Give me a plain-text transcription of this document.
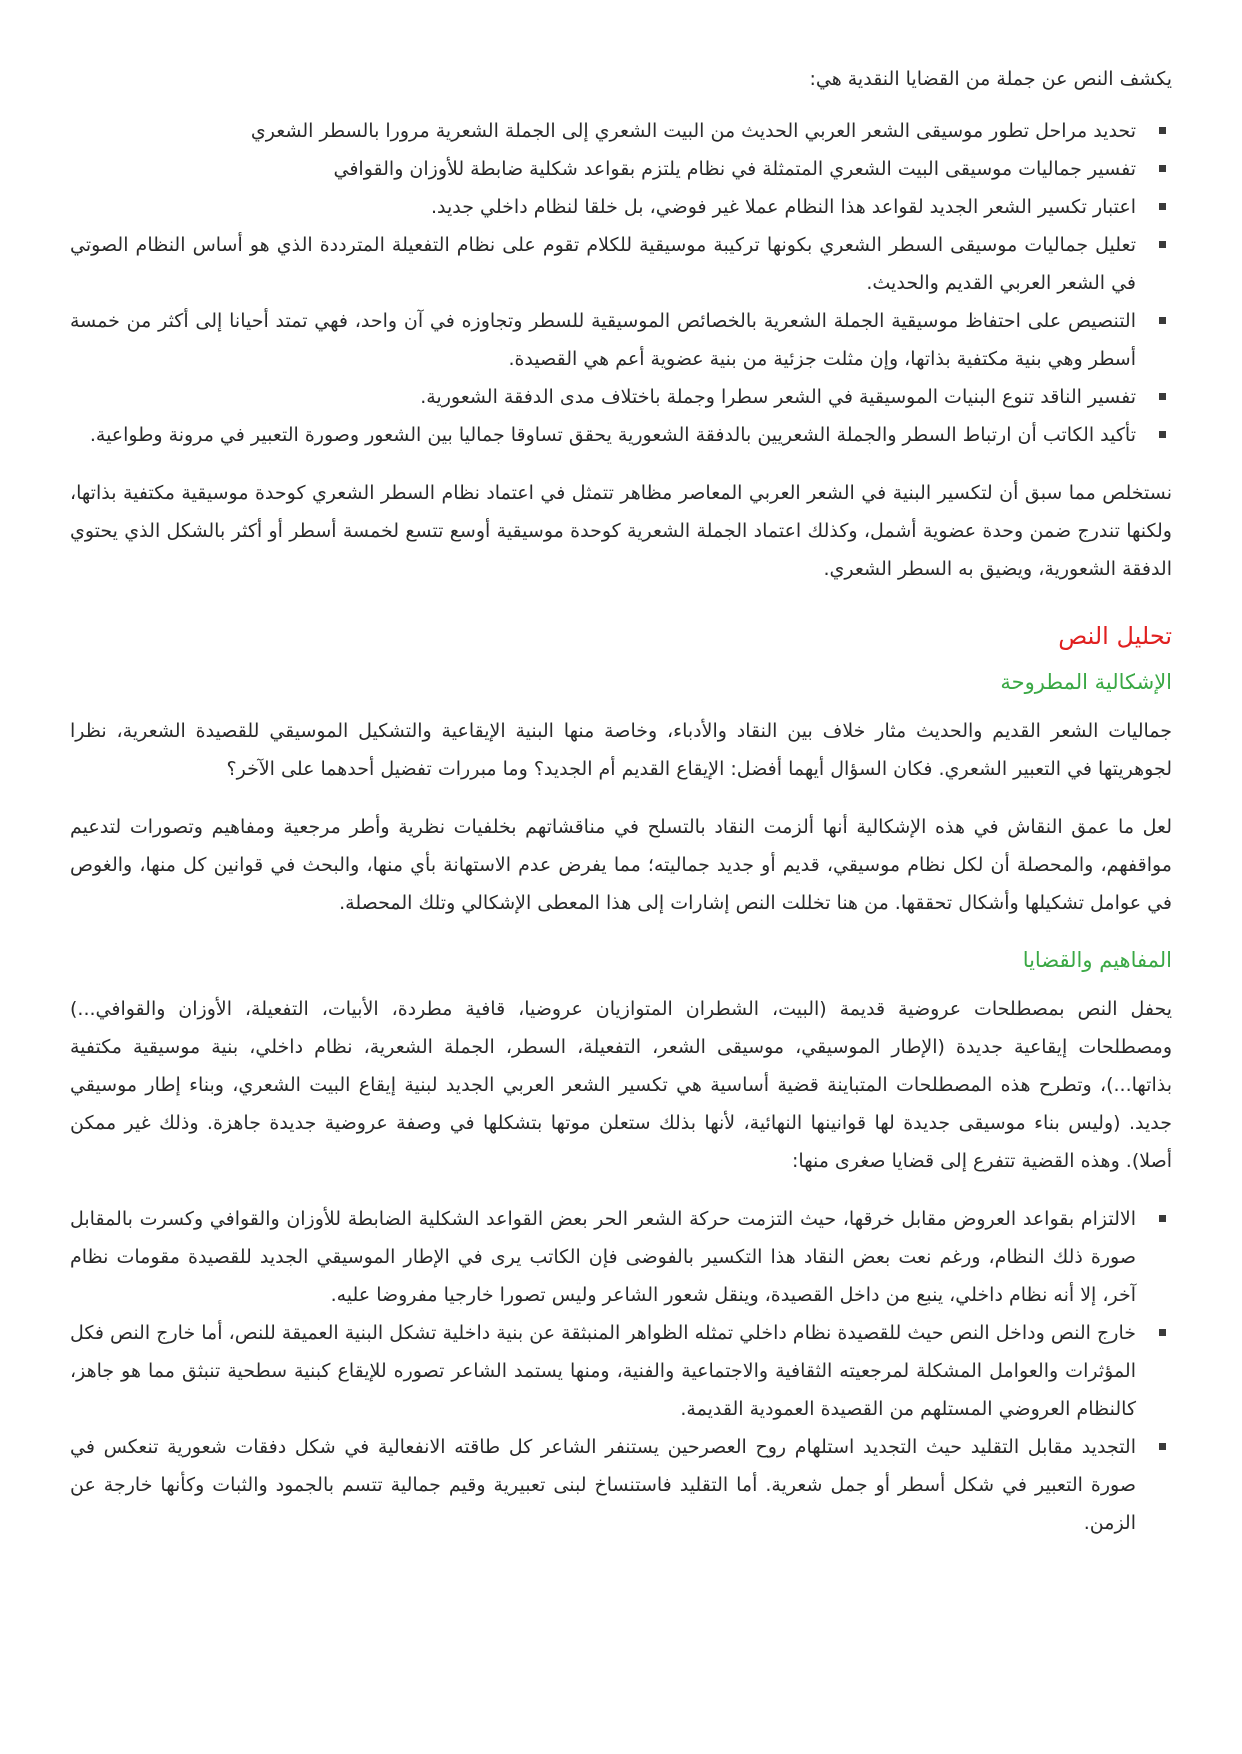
يكشف النص عن جملة من القضايا النقدية هي:

تحديد مراحل تطور موسيقى الشعر العربي الحديث من البيت الشعري إلى الجملة الشعرية مرورا بالسطر الشعري
تفسير جماليات موسيقى البيت الشعري المتمثلة في نظام يلتزم بقواعد شكلية ضابطة للأوزان والقوافي
اعتبار تكسير الشعر الجديد لقواعد هذا النظام عملا غير فوضي، بل خلقا لنظام داخلي جديد.
تعليل جماليات موسيقى السطر الشعري بكونها تركيبة موسيقية للكلام تقوم على نظام التفعيلة المترددة الذي هو أساس النظام الصوتي في الشعر العربي القديم والحديث.
التنصيص على احتفاظ موسيقية الجملة الشعرية بالخصائص الموسيقية للسطر وتجاوزه في آن واحد، فهي تمتد أحيانا إلى أكثر من خمسة أسطر وهي بنية مكتفية بذاتها، وإن مثلت جزئية من بنية عضوية أعم هي القصيدة.
تفسير الناقد تنوع البنيات الموسيقية في الشعر سطرا وجملة باختلاف مدى الدفقة الشعورية.
تأكيد الكاتب أن ارتباط السطر والجملة الشعريين بالدفقة الشعورية يحقق تساوقا جماليا بين الشعور وصورة التعبير في مرونة وطواعية.

نستخلص مما سبق أن لتكسير البنية في الشعر العربي المعاصر مظاهر تتمثل في اعتماد نظام السطر الشعري كوحدة موسيقية مكتفية بذاتها، ولكنها تندرج ضمن وحدة عضوية أشمل، وكذلك اعتماد الجملة الشعرية كوحدة موسيقية أوسع تتسع لخمسة أسطر أو أكثر بالشكل الذي يحتوي الدفقة الشعورية، ويضيق به السطر الشعري.

تحليل النص
الإشكالية المطروحة

جماليات الشعر القديم والحديث مثار خلاف بين النقاد والأدباء، وخاصة منها البنية الإيقاعية والتشكيل الموسيقي للقصيدة الشعرية، نظرا لجوهريتها في التعبير الشعري. فكان السؤال أيهما أفضل: الإيقاع القديم أم الجديد؟ وما مبررات تفضيل أحدهما على الآخر؟

لعل ما عمق النقاش في هذه الإشكالية أنها ألزمت النقاد بالتسلح في مناقشاتهم بخلفيات نظرية وأطر مرجعية ومفاهيم وتصورات لتدعيم مواقفهم، والمحصلة أن لكل نظام موسيقي، قديم أو جديد جماليته؛ مما يفرض عدم الاستهانة بأي منها، والبحث في قوانين كل منها، والغوص في عوامل تشكيلها وأشكال تحققها. من هنا تخللت النص إشارات إلى هذا المعطى الإشكالي وتلك المحصلة.

المفاهيم والقضايا

يحفل النص بمصطلحات عروضية قديمة (البيت، الشطران المتوازيان عروضيا، قافية مطردة، الأبيات، التفعيلة، الأوزان والقوافي...) ومصطلحات إيقاعية جديدة (الإطار الموسيقي، موسيقى الشعر، التفعيلة، السطر، الجملة الشعرية، نظام داخلي، بنية موسيقية مكتفية بذاتها...)، وتطرح هذه المصطلحات المتباينة قضية أساسية هي تكسير الشعر العربي الجديد لبنية إيقاع البيت الشعري، وبناء إطار موسيقي جديد. (وليس بناء موسيقى جديدة لها قوانينها النهائية، لأنها بذلك ستعلن موتها بتشكلها في وصفة عروضية جديدة جاهزة. وذلك غير ممكن أصلا). وهذه القضية تتفرع إلى قضايا صغرى منها:

الالتزام بقواعد العروض مقابل خرقها، حيث التزمت حركة الشعر الحر بعض القواعد الشكلية الضابطة للأوزان والقوافي وكسرت بالمقابل صورة ذلك النظام، ورغم نعت بعض النقاد هذا التكسير بالفوضى فإن الكاتب يرى في الإطار الموسيقي الجديد للقصيدة مقومات نظام آخر، إلا أنه نظام داخلي، ينبع من داخل القصيدة، وينقل شعور الشاعر وليس تصورا خارجيا مفروضا عليه.
خارج النص وداخل النص حيث للقصيدة نظام داخلي تمثله الظواهر المنبثقة عن بنية داخلية تشكل البنية العميقة للنص، أما خارج النص فكل المؤثرات والعوامل المشكلة لمرجعيته الثقافية والاجتماعية والفنية، ومنها يستمد الشاعر تصوره للإيقاع كبنية سطحية تنبثق مما هو جاهز، كالنظام العروضي المستلهم من القصيدة العمودية القديمة.
التجديد مقابل التقليد حيث التجديد استلهام روح العصرحين يستنفر الشاعر كل طاقته الانفعالية في شكل دفقات شعورية تنعكس في صورة التعبير في شكل أسطر أو جمل شعرية. أما التقليد فاستنساخ لبنى تعبيرية وقيم جمالية تتسم بالجمود والثبات وكأنها خارجة عن الزمن.
